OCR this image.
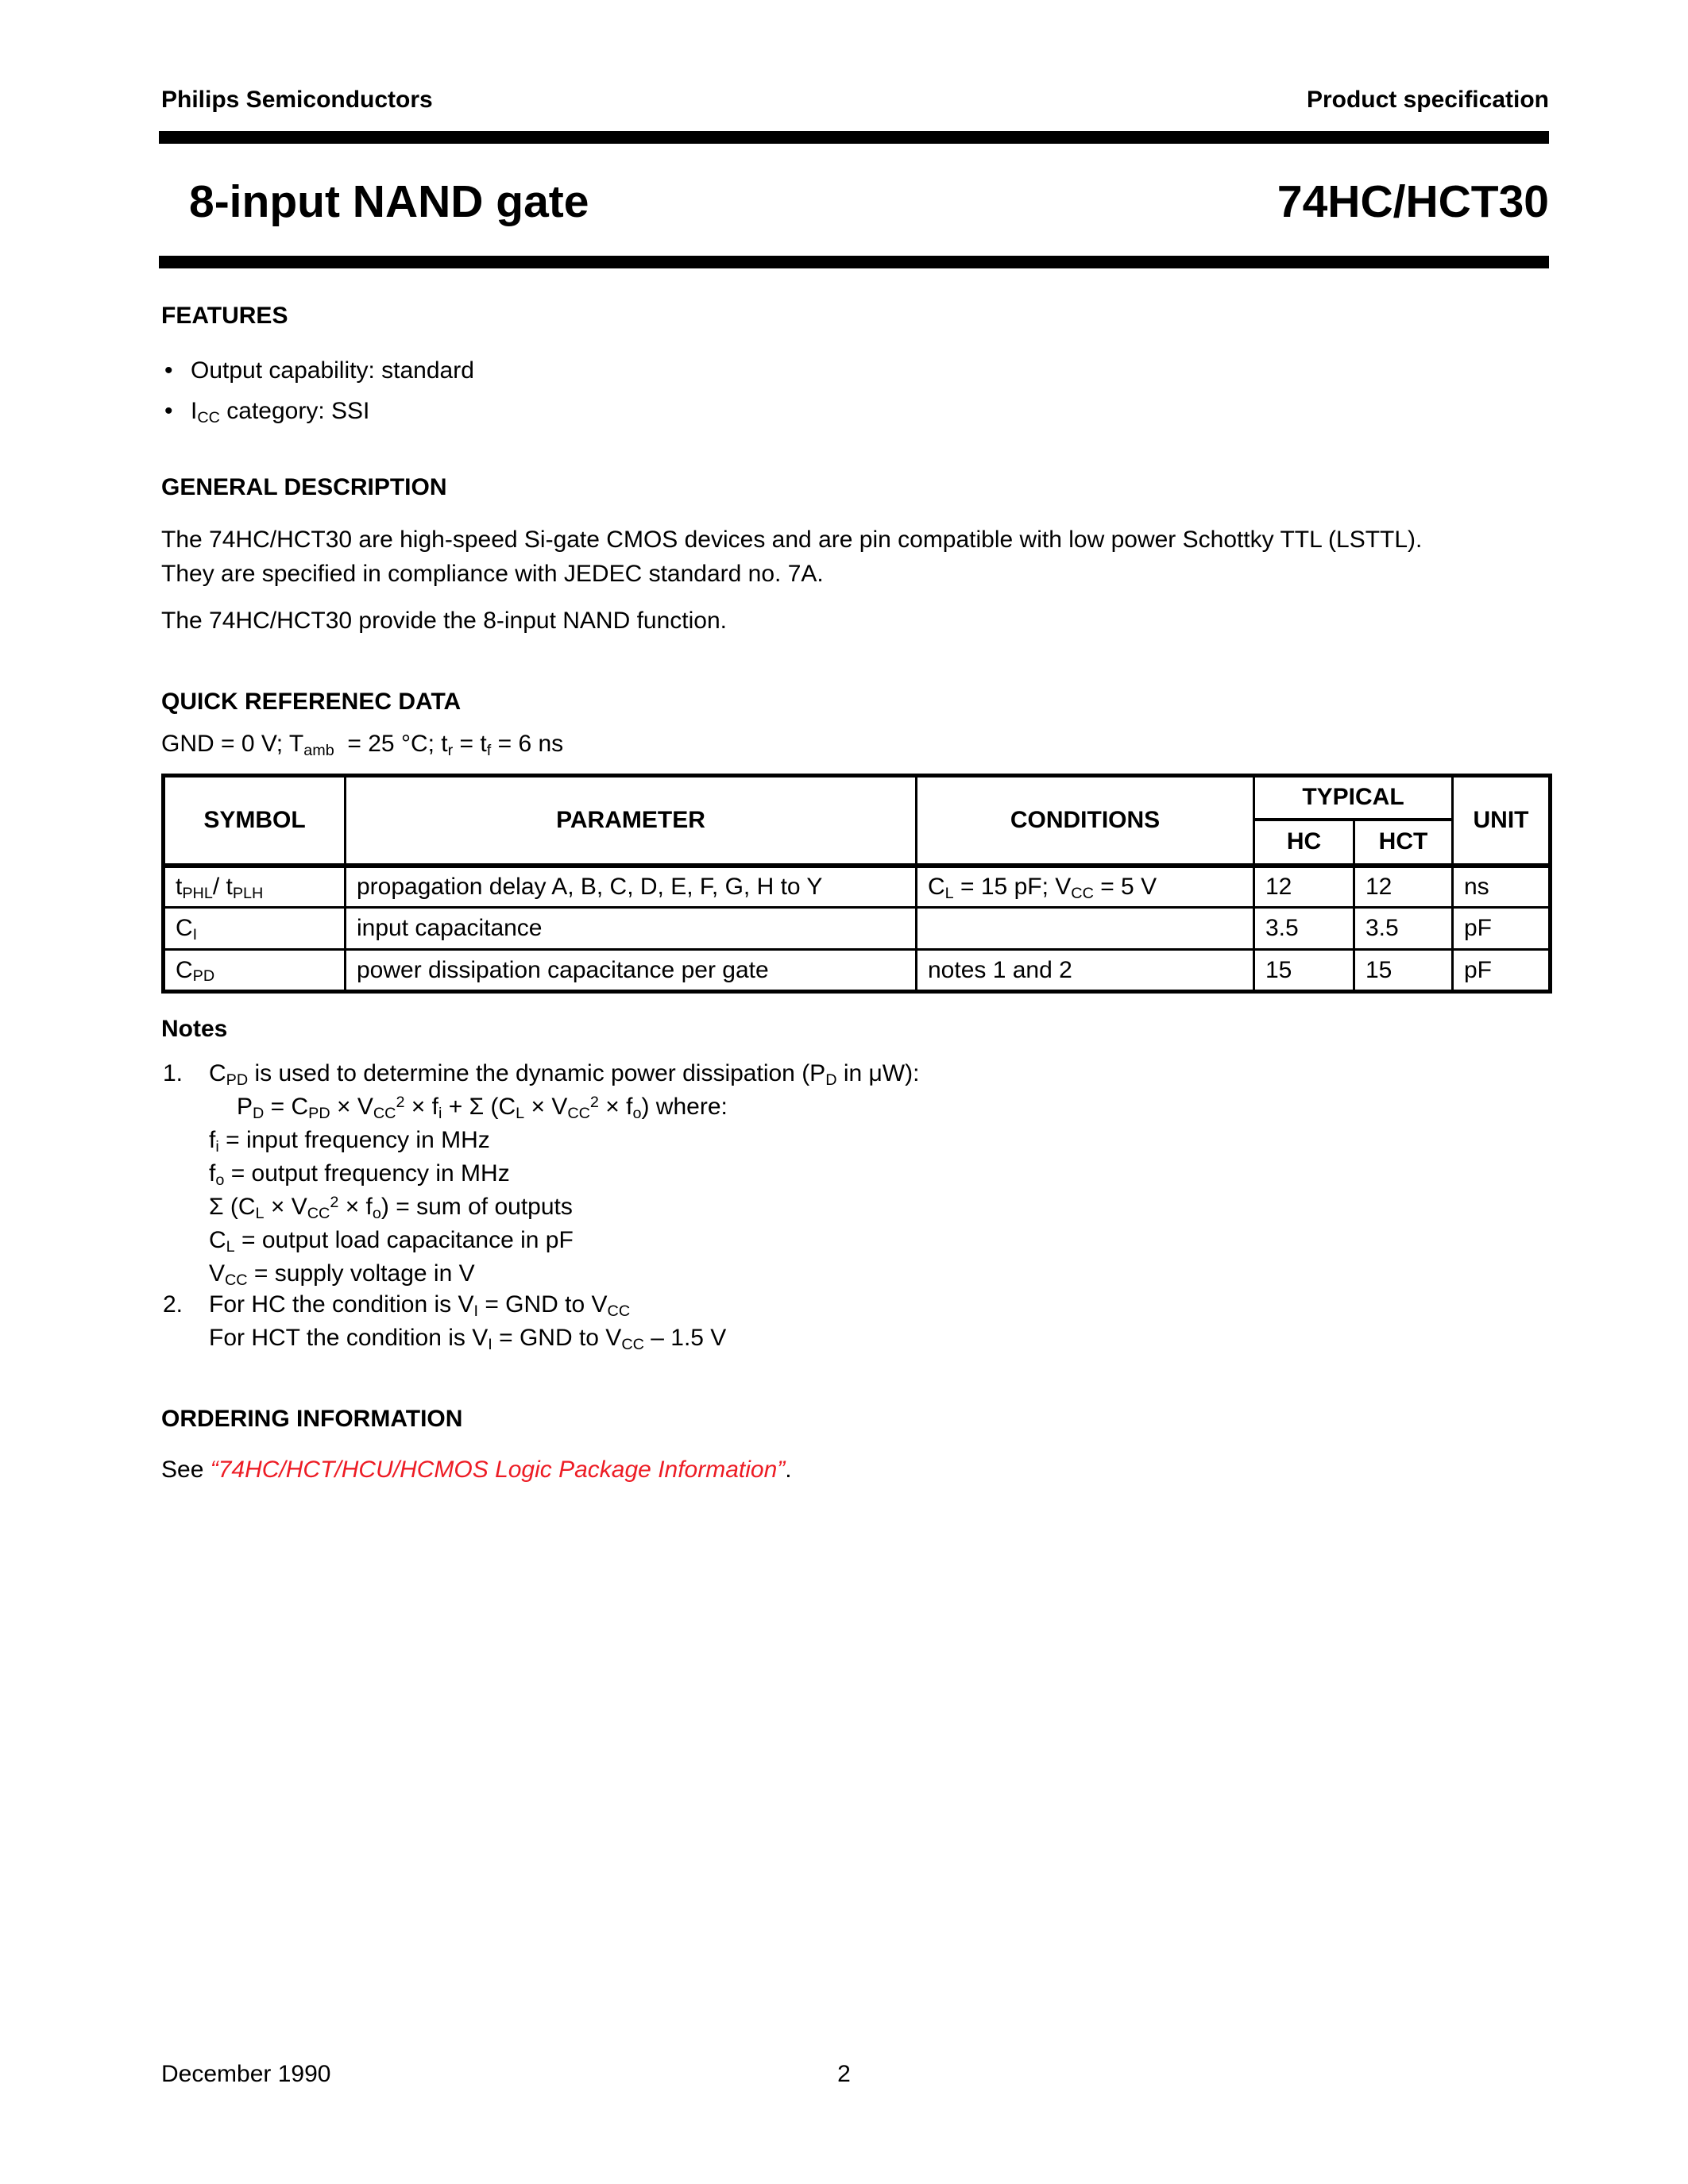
Philips Semiconductors	Product specification
8-input NAND gate	74HC/HCT30
FEATURES
• Output capability: standard
• ICC category: SSI
GENERAL DESCRIPTION
The 74HC/HCT30 are high-speed Si-gate CMOS devices and are pin compatible with low power Schottky TTL (LSTTL).
They are specified in compliance with JEDEC standard no. 7A.
The 74HC/HCT30 provide the 8-input NAND function.
QUICK REFERENEC DATA
GND = 0 V; Tamb  = 25 °C; tr = tf = 6 ns
SYMBOL	PARAMETER	CONDITIONS	TYPICAL		UNIT
			HC	HCT	
tPHL/ tPLH	propagation delay A, B, C, D, E, F, G, H to Y	CL = 15 pF; VCC = 5 V	12	12	ns
CI	input capacitance		3.5	3.5	pF
CPD	power dissipation capacitance per gate	notes 1 and 2	15	15	pF
Notes
1. CPD is used to determine the dynamic power dissipation (PD in μW):
PD = CPD × $VCC^2$ × fi + Σ $(CL \times VCC^2 \times fo)$ where:
fi = input frequency in MHz
fo = output frequency in MHz
Σ $(CL \times VCC^2 \times fo)$ = sum of outputs
CL = output load capacitance in pF
VCC = supply voltage in V
2. For HC the condition is VI = GND to VCC
For HCT the condition is VI = GND to VCC – 1.5 V
ORDERING INFORMATION
See “74HC/HCT/HCU/HCMOS Logic Package Information”.
December 1990	2
